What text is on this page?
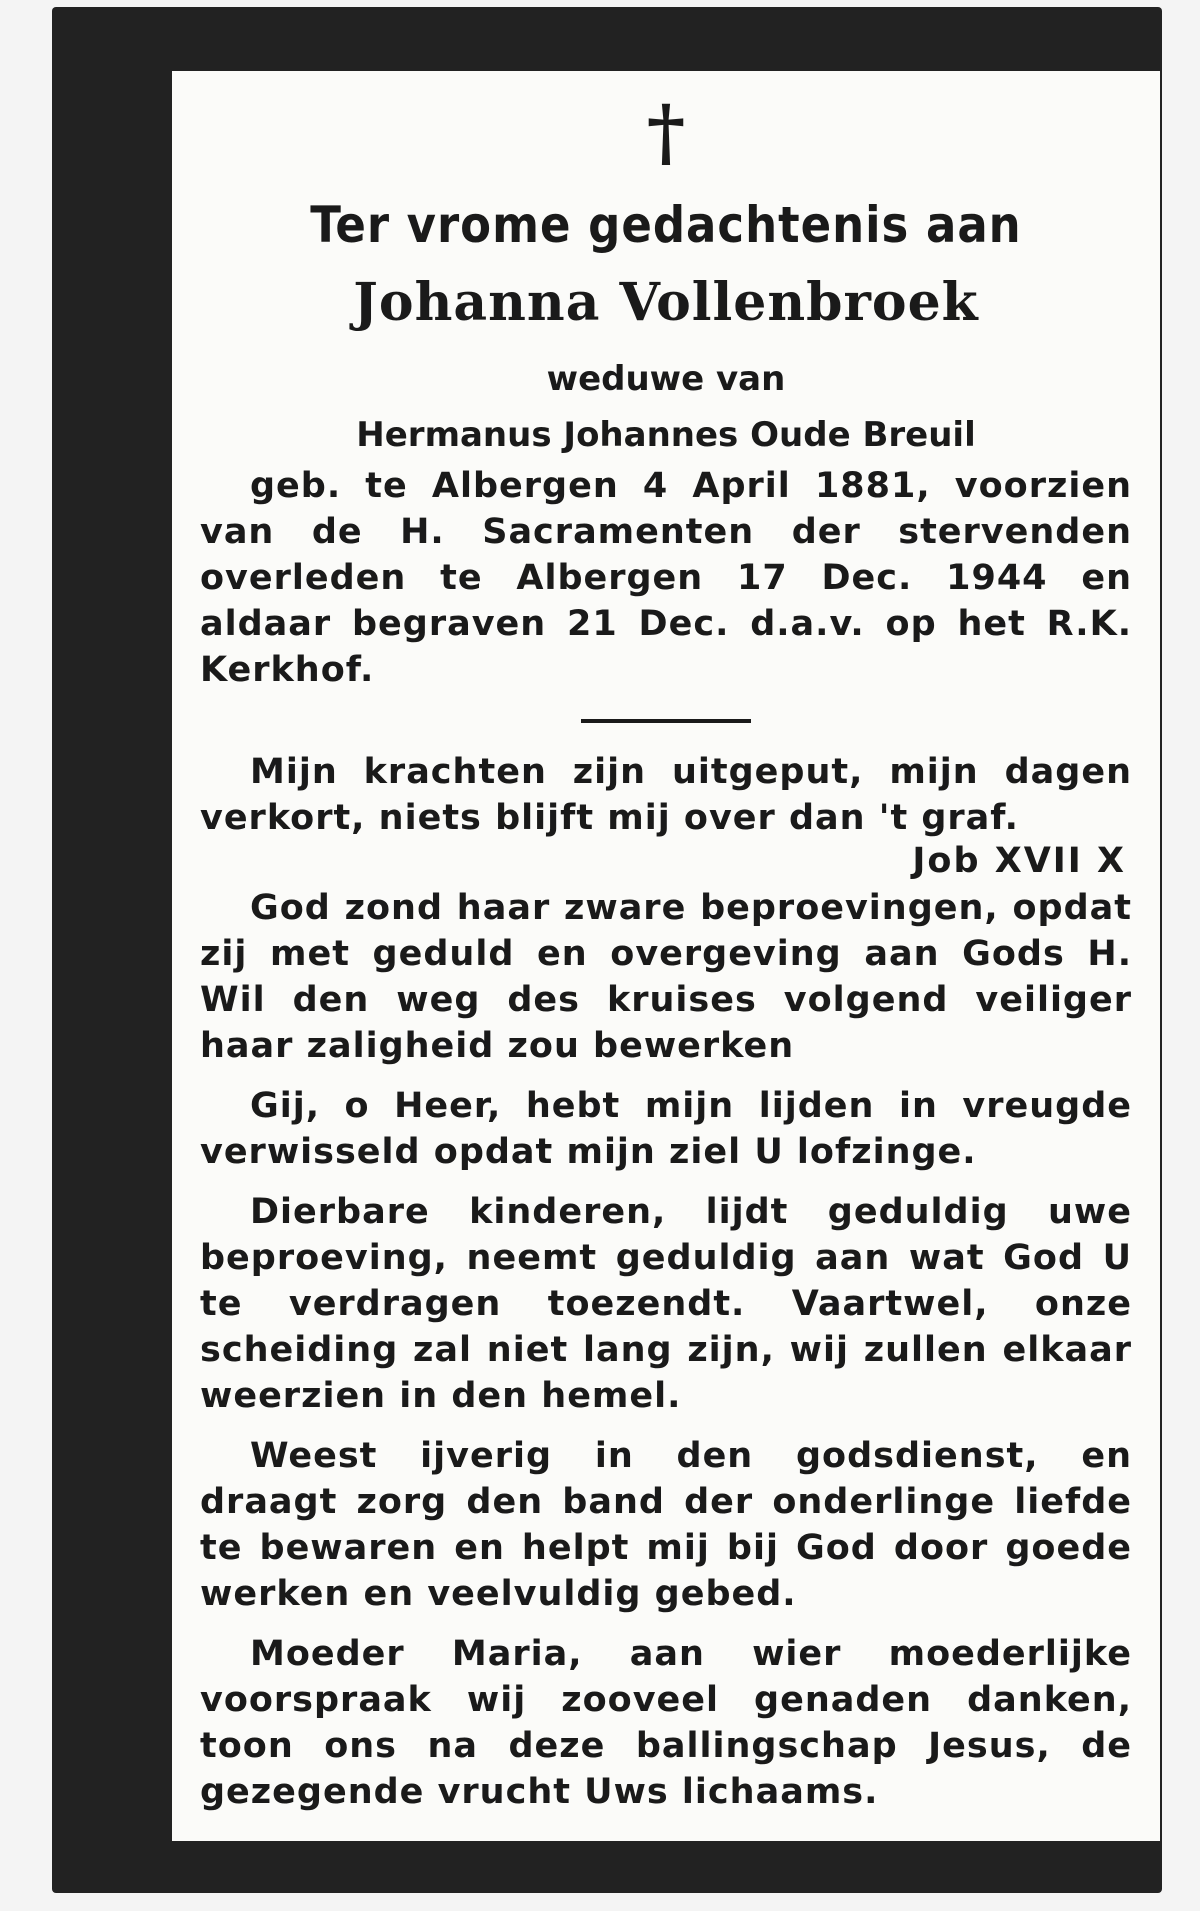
†
Ter vrome gedachtenis aan
Johanna Vollenbroek
weduwe van
Hermanus Johannes Oude Breuil

geb. te Albergen 4 April 1881, voorzien van de H. Sacramenten der stervenden overleden te Albergen 17 Dec. 1944 en aldaar begraven 21 Dec. d.a.v. op het R.K. Kerkhof.

Mijn krachten zijn uitgeput, mijn dagen verkort, niets blijft mij over dan 't graf.

Job XVII X

God zond haar zware beproevingen, opdat zij met geduld en overgeving aan Gods H. Wil den weg des kruises volgend veiliger haar zaligheid zou bewerken

Gij, o Heer, hebt mijn lijden in vreugde verwisseld opdat mijn ziel U lofzinge.

Dierbare kinderen, lijdt geduldig uwe beproeving, neemt geduldig aan wat God U te verdragen toezendt. Vaartwel, onze scheiding zal niet lang zijn, wij zullen elkaar weerzien in den hemel.

Weest ijverig in den godsdienst, en draagt zorg den band der onderlinge liefde te bewaren en helpt mij bij God door goede werken en veelvuldig gebed.

Moeder Maria, aan wier moederlijke voorspraak wij zooveel genaden danken, toon ons na deze ballingschap Jesus, de gezegende vrucht Uws lichaams.
